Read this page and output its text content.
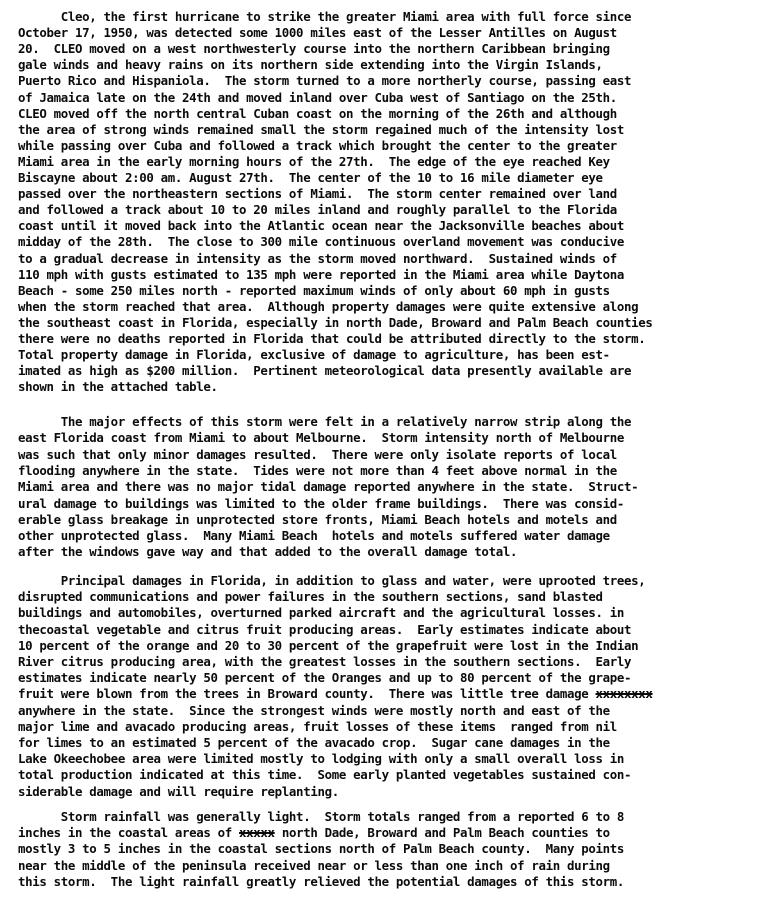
Cleo, the first hurricane to strike the greater Miami area with full force since
October 17, 1950, was detected some 1000 miles east of the Lesser Antilles on August
20.  CLEO moved on a west northwesterly course into the northern Caribbean bringing
gale winds and heavy rains on its northern side extending into the Virgin Islands,
Puerto Rico and Hispaniola.  The storm turned to a more northerly course, passing east
of Jamaica late on the 24th and moved inland over Cuba west of Santiago on the 25th.
CLEO moved off the north central Cuban coast on the morning of the 26th and although
the area of strong winds remained small the storm regained much of the intensity lost
while passing over Cuba and followed a track which brought the center to the greater
Miami area in the early morning hours of the 27th.  The edge of the eye reached Key
Biscayne about 2:00 am. August 27th.  The center of the 10 to 16 mile diameter eye
passed over the northeastern sections of Miami.  The storm center remained over land
and followed a track about 10 to 20 miles inland and roughly parallel to the Florida
coast until it moved back into the Atlantic ocean near the Jacksonville beaches about
midday of the 28th.  The close to 300 mile continuous overland movement was conducive
to a gradual decrease in intensity as the storm moved northward.  Sustained winds of
110 mph with gusts estimated to 135 mph were reported in the Miami area while Daytona
Beach - some 250 miles north - reported maximum winds of only about 60 mph in gusts
when the storm reached that area.  Although property damages were quite extensive along
the southeast coast in Florida, especially in north Dade, Broward and Palm Beach counties
there were no deaths reported in Florida that could be attributed directly to the storm.
Total property damage in Florida, exclusive of damage to agriculture, has been est-
imated as high as $200 million.  Pertinent meteorological data presently available are
shown in the attached table.
The major effects of this storm were felt in a relatively narrow strip along the
east Florida coast from Miami to about Melbourne.  Storm intensity north of Melbourne
was such that only minor damages resulted.  There were only isolate reports of local
flooding anywhere in the state.  Tides were not more than 4 feet above normal in the
Miami area and there was no major tidal damage reported anywhere in the state.  Struct-
ural damage to buildings was limited to the older frame buildings.  There was consid-
erable glass breakage in unprotected store fronts, Miami Beach hotels and motels and
other unprotected glass.  Many Miami Beach  hotels and motels suffered water damage
after the windows gave way and that added to the overall damage total.
Principal damages in Florida, in addition to glass and water, were uprooted trees,
disrupted communications and power failures in the southern sections, sand blasted
buildings and automobiles, overturned parked aircraft and the agricultural losses. in
thecoastal vegetable and citrus fruit producing areas.  Early estimates indicate about
10 percent of the orange and 20 to 30 percent of the grapefruit were lost in the Indian
River citrus producing area, with the greatest losses in the southern sections.  Early
estimates indicate nearly 50 percent of the Oranges and up to 80 percent of the grape-
fruit were blown from the trees in Broward county.  There was little tree damage xxxxxxxx
anywhere in the state.  Since the strongest winds were mostly north and east of the
major lime and avacado producing areas, fruit losses of these items  ranged from nil
for limes to an estimated 5 percent of the avacado crop.  Sugar cane damages in the
Lake Okeechobee area were limited mostly to lodging with only a small overall loss in
total production indicated at this time.  Some early planted vegetables sustained con-
siderable damage and will require replanting.
Storm rainfall was generally light.  Storm totals ranged from a reported 6 to 8
inches in the coastal areas of xxxxx north Dade, Broward and Palm Beach counties to
mostly 3 to 5 inches in the coastal sections north of Palm Beach county.  Many points
near the middle of the peninsula received near or less than one inch of rain during
this storm.  The light rainfall greatly relieved the potential damages of this storm.
